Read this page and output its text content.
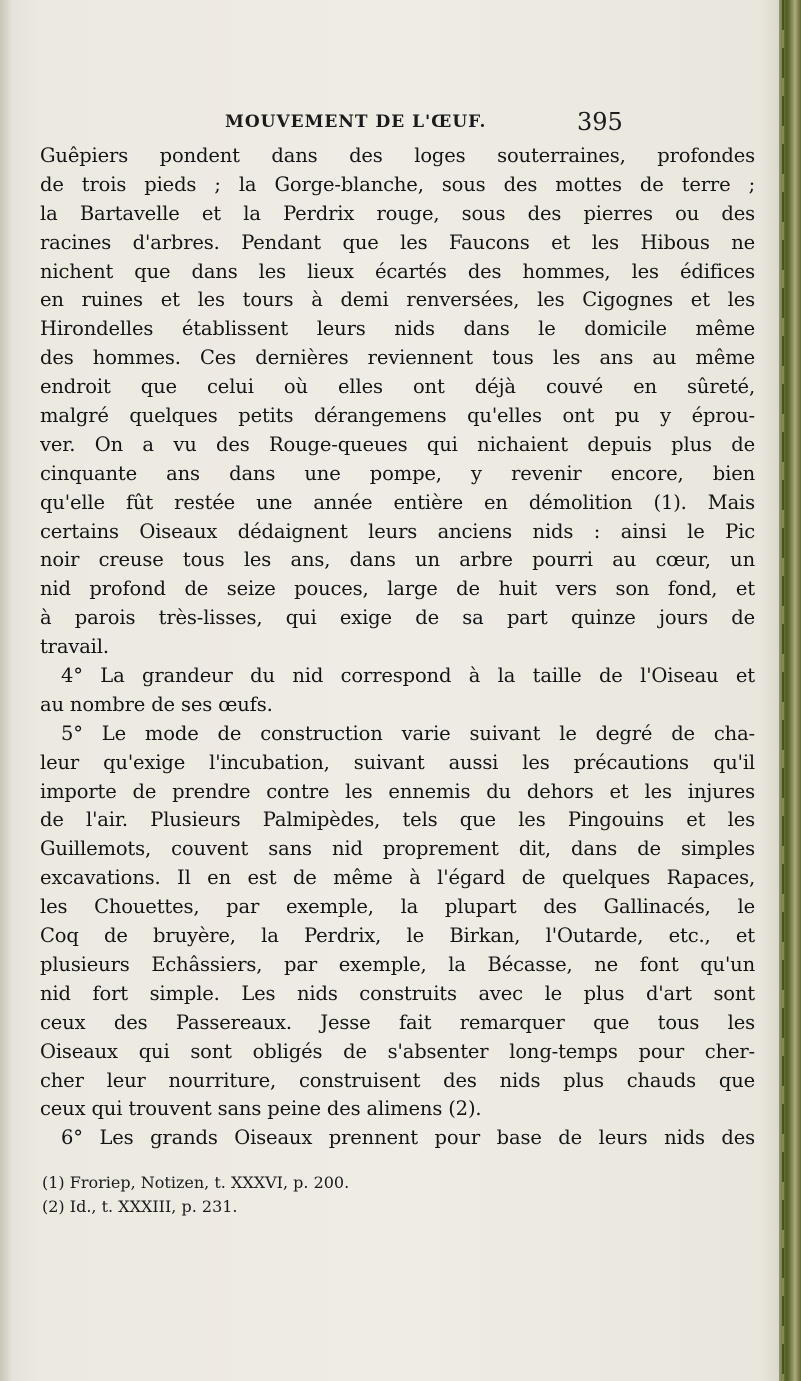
MOUVEMENT DE L'ŒUF.	395
Guêpiers pondent dans des loges souterraines, profondes
de trois pieds ; la Gorge-blanche, sous des mottes de terre ;
la Bartavelle et la Perdrix rouge, sous des pierres ou des
racines d'arbres. Pendant que les Faucons et les Hibous ne
nichent que dans les lieux écartés des hommes, les édifices
en ruines et les tours à demi renversées, les Cigognes et les
Hirondelles établissent leurs nids dans le domicile même
des hommes. Ces dernières reviennent tous les ans au même
endroit que celui où elles ont déjà couvé en sûreté,
malgré quelques petits dérangemens qu'elles ont pu y éprou-
ver. On a vu des Rouge-queues qui nichaient depuis plus de
cinquante ans dans une pompe, y revenir encore, bien
qu'elle fût restée une année entière en démolition (1). Mais
certains Oiseaux dédaignent leurs anciens nids : ainsi le Pic
noir creuse tous les ans, dans un arbre pourri au cœur, un
nid profond de seize pouces, large de huit vers son fond, et
à parois très-lisses, qui exige de sa part quinze jours de
travail.
4° La grandeur du nid correspond à la taille de l'Oiseau et
au nombre de ses œufs.
5° Le mode de construction varie suivant le degré de cha-
leur qu'exige l'incubation, suivant aussi les précautions qu'il
importe de prendre contre les ennemis du dehors et les injures
de l'air. Plusieurs Palmipèdes, tels que les Pingouins et les
Guillemots, couvent sans nid proprement dit, dans de simples
excavations. Il en est de même à l'égard de quelques Rapaces,
les Chouettes, par exemple, la plupart des Gallinacés, le
Coq de bruyère, la Perdrix, le Birkan, l'Outarde, etc., et
plusieurs Echâssiers, par exemple, la Bécasse, ne font qu'un
nid fort simple. Les nids construits avec le plus d'art sont
ceux des Passereaux. Jesse fait remarquer que tous les
Oiseaux qui sont obligés de s'absenter long-temps pour cher-
cher leur nourriture, construisent des nids plus chauds que
ceux qui trouvent sans peine des alimens (2).
6° Les grands Oiseaux prennent pour base de leurs nids des
(1) Froriep, Notizen, t. XXXVI, p. 200.
(2) Id., t. XXXIII, p. 231.
